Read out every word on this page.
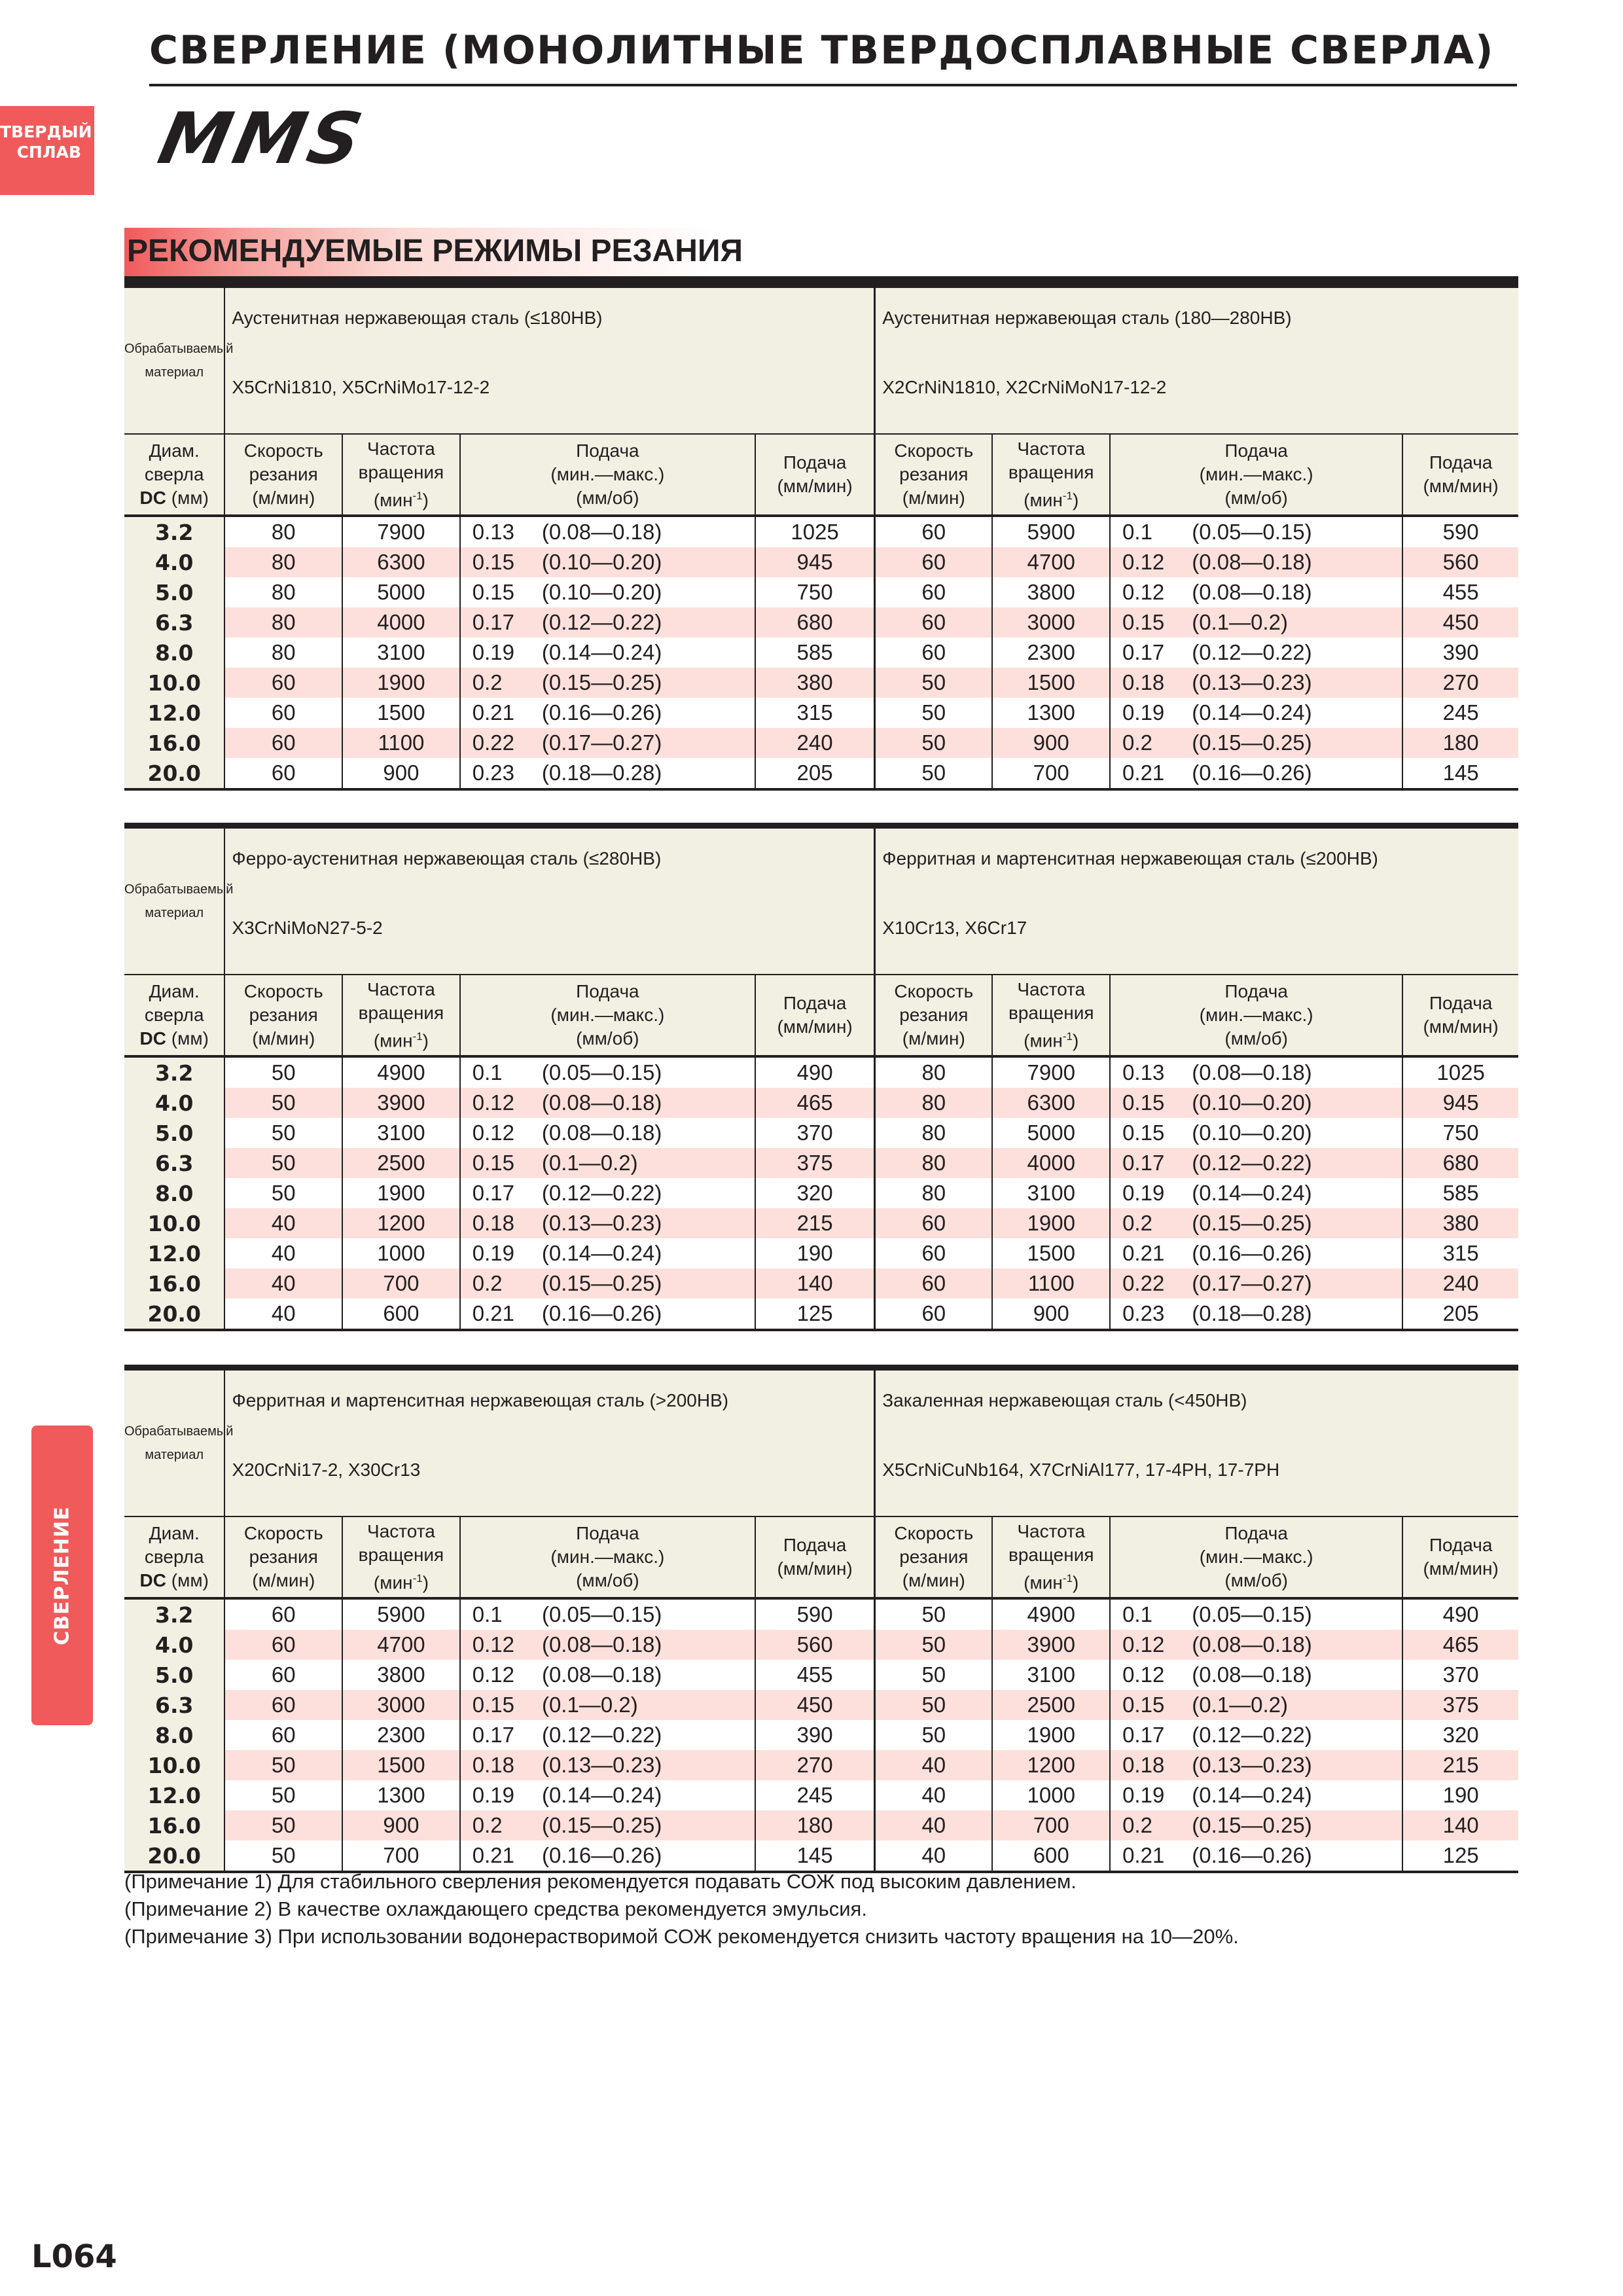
ТВЕРДЫЙ
СПЛАВ
СВЕРЛЕНИЕ
СВЕРЛЕНИЕ (МОНОЛИТНЫЕ ТВЕРДОСПЛАВНЫЕ СВЕРЛА)
MMS
РЕКОМЕНДУЕМЫЕ РЕЖИМЫ РЕЗАНИЯ
Обрабатываемый
материал	Аустенитная нержавеющая сталь (≤180НВ)
X5CrNi1810, X5CrNiMo17-12-2					Аустенитная нержавеющая сталь (180—280НВ)
X2CrNiN1810, X2CrNiMoN17-12-2				

Диам.
сверла
DC (мм)	Скорость
резания
(м/мин)	Частота
вращения
(мин$^{-1}$)	Подача
(мин.—макс.)
(мм/об)		Подача
(мм/мин)	Скорость
резания
(м/мин)	Частота
вращения
(мин$^{-1}$)	Подача
(мин.—макс.)
(мм/об)		Подача
(мм/мин)
3.2	80	7900	0.13	(0.08—0.18)	1025	60	5900	0.1	(0.05—0.15)	590
4.0	80	6300	0.15	(0.10—0.20)	945	60	4700	0.12	(0.08—0.18)	560
5.0	80	5000	0.15	(0.10—0.20)	750	60	3800	0.12	(0.08—0.18)	455
6.3	80	4000	0.17	(0.12—0.22)	680	60	3000	0.15	(0.1—0.2)	450
8.0	80	3100	0.19	(0.14—0.24)	585	60	2300	0.17	(0.12—0.22)	390
10.0	60	1900	0.2	(0.15—0.25)	380	50	1500	0.18	(0.13—0.23)	270
12.0	60	1500	0.21	(0.16—0.26)	315	50	1300	0.19	(0.14—0.24)	245
16.0	60	1100	0.22	(0.17—0.27)	240	50	900	0.2	(0.15—0.25)	180
20.0	60	900	0.23	(0.18—0.28)	205	50	700	0.21	(0.16—0.26)	145
Обрабатываемый
материал	Ферро-аустенитная нержавеющая сталь (≤280НВ)
X3CrNiMoN27-5-2					Ферритная и мартенситная нержавеющая сталь (≤200НВ)
X10Cr13, X6Cr17				

Диам.
сверла
DC (мм)	Скорость
резания
(м/мин)	Частота
вращения
(мин$^{-1}$)	Подача
(мин.—макс.)
(мм/об)		Подача
(мм/мин)	Скорость
резания
(м/мин)	Частота
вращения
(мин$^{-1}$)	Подача
(мин.—макс.)
(мм/об)		Подача
(мм/мин)
3.2	50	4900	0.1	(0.05—0.15)	490	80	7900	0.13	(0.08—0.18)	1025
4.0	50	3900	0.12	(0.08—0.18)	465	80	6300	0.15	(0.10—0.20)	945
5.0	50	3100	0.12	(0.08—0.18)	370	80	5000	0.15	(0.10—0.20)	750
6.3	50	2500	0.15	(0.1—0.2)	375	80	4000	0.17	(0.12—0.22)	680
8.0	50	1900	0.17	(0.12—0.22)	320	80	3100	0.19	(0.14—0.24)	585
10.0	40	1200	0.18	(0.13—0.23)	215	60	1900	0.2	(0.15—0.25)	380
12.0	40	1000	0.19	(0.14—0.24)	190	60	1500	0.21	(0.16—0.26)	315
16.0	40	700	0.2	(0.15—0.25)	140	60	1100	0.22	(0.17—0.27)	240
20.0	40	600	0.21	(0.16—0.26)	125	60	900	0.23	(0.18—0.28)	205
Обрабатываемый
материал	Ферритная и мартенситная нержавеющая сталь (>200НВ)
X20CrNi17-2, X30Cr13					Закаленная нержавеющая сталь (<450НВ)
X5CrNiCuNb164, X7CrNiAl177, 17-4PH, 17-7PH				

Диам.
сверла
DC (мм)	Скорость
резания
(м/мин)	Частота
вращения
(мин$^{-1}$)	Подача
(мин.—макс.)
(мм/об)		Подача
(мм/мин)	Скорость
резания
(м/мин)	Частота
вращения
(мин$^{-1}$)	Подача
(мин.—макс.)
(мм/об)		Подача
(мм/мин)
3.2	60	5900	0.1	(0.05—0.15)	590	50	4900	0.1	(0.05—0.15)	490
4.0	60	4700	0.12	(0.08—0.18)	560	50	3900	0.12	(0.08—0.18)	465
5.0	60	3800	0.12	(0.08—0.18)	455	50	3100	0.12	(0.08—0.18)	370
6.3	60	3000	0.15	(0.1—0.2)	450	50	2500	0.15	(0.1—0.2)	375
8.0	60	2300	0.17	(0.12—0.22)	390	50	1900	0.17	(0.12—0.22)	320
10.0	50	1500	0.18	(0.13—0.23)	270	40	1200	0.18	(0.13—0.23)	215
12.0	50	1300	0.19	(0.14—0.24)	245	40	1000	0.19	(0.14—0.24)	190
16.0	50	900	0.2	(0.15—0.25)	180	40	700	0.2	(0.15—0.25)	140
20.0	50	700	0.21	(0.16—0.26)	145	40	600	0.21	(0.16—0.26)	125
(Примечание 1) Для стабильного сверления рекомендуется подавать СОЖ под высоким давлением.
(Примечание 2) В качестве охлаждающего средства рекомендуется эмульсия.
(Примечание 3) При использовании водонерастворимой СОЖ рекомендуется снизить частоту вращения на 10—20%.
L064
